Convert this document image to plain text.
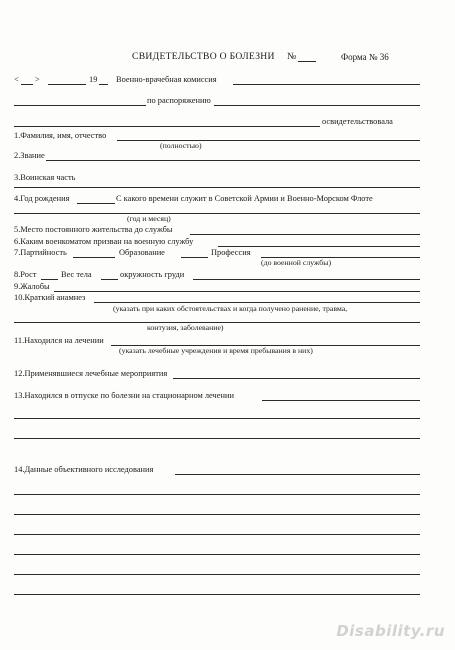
СВИДЕТЕЛЬСТВО О БОЛЕЗНИ №	Форма № 36
< >	19 Военно-врачебная комиссия
по распоряжению
освидетельствовала
1.Фамилия, имя, отчество
(полностью)
2.Звание
3.Воинская часть
4.Год рождения	С какого времени служит в Советской Армии и Военно-Морском Флоте
(год и месяц)
5.Место постоянного жительства до службы
6.Каким военкоматом призван на военную службу
7.Партийность	Образование	Профессия
(до военной службы)
8.Рост	Вес тела	окружность груди
9.Жалобы
10.Краткий анамнез
(указать при каких обстоятельствах и когда получено ранение, травма,
контузия, заболевание)
11.Находился на лечении
(указать лечебные учреждения и время пребывания в них)
12.Применявшиеся лечебные мероприятия
13.Находился в отпуске по болезни на стационарном лечении
14.Данные объективного исследования
Disability.ru
